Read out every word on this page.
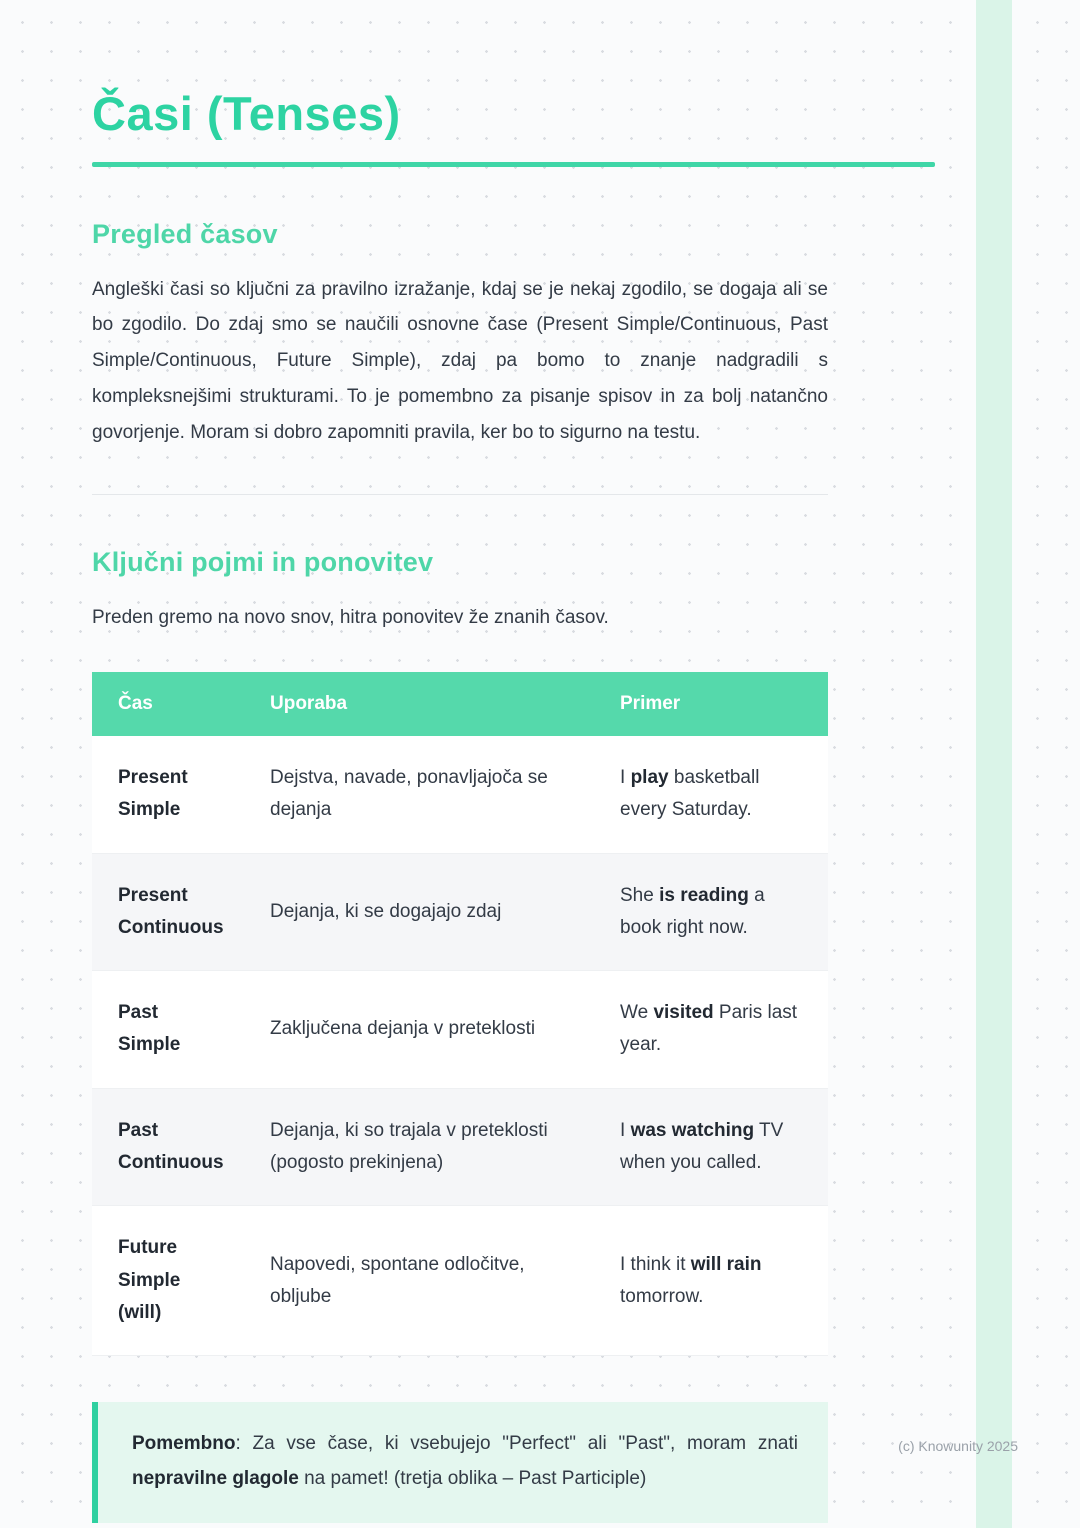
Časi (Tenses)
Pregled časov

Angleški časi so ključni za pravilno izražanje, kdaj se je nekaj zgodilo, se dogaja ali se bo zgodilo. Do zdaj smo se naučili osnovne čase (Present Simple/Continuous, Past Simple/Continuous, Future Simple), zdaj pa bomo to znanje nadgradili s kompleksnejšimi strukturami. To je pomembno za pisanje spisov in za bolj natančno govorjenje. Moram si dobro zapomniti pravila, ker bo to sigurno na testu.

Ključni pojmi in ponovitev

Preden gremo na novo snov, hitra ponovitev že znanih časov.

Čas	Uporaba	Primer
Present Simple	Dejstva, navade, ponavljajoča se dejanja	I play basketball every Saturday.
Present Continuous	Dejanja, ki se dogajajo zdaj	She is reading a book right now.
Past Simple	Zaključena dejanja v preteklosti	We visited Paris last year.
Past Continuous	Dejanja, ki so trajala v preteklosti (pogosto prekinjena)	I was watching TV when you called.
Future Simple (will)	Napovedi, spontane odločitve, obljube	I think it will rain tomorrow.

Pomembno: Za vse čase, ki vsebujejo "Perfect" ali "Past", moram znati nepravilne glagole na pamet! (tretja oblika – Past Participle)

(c) Knowunity 2025
